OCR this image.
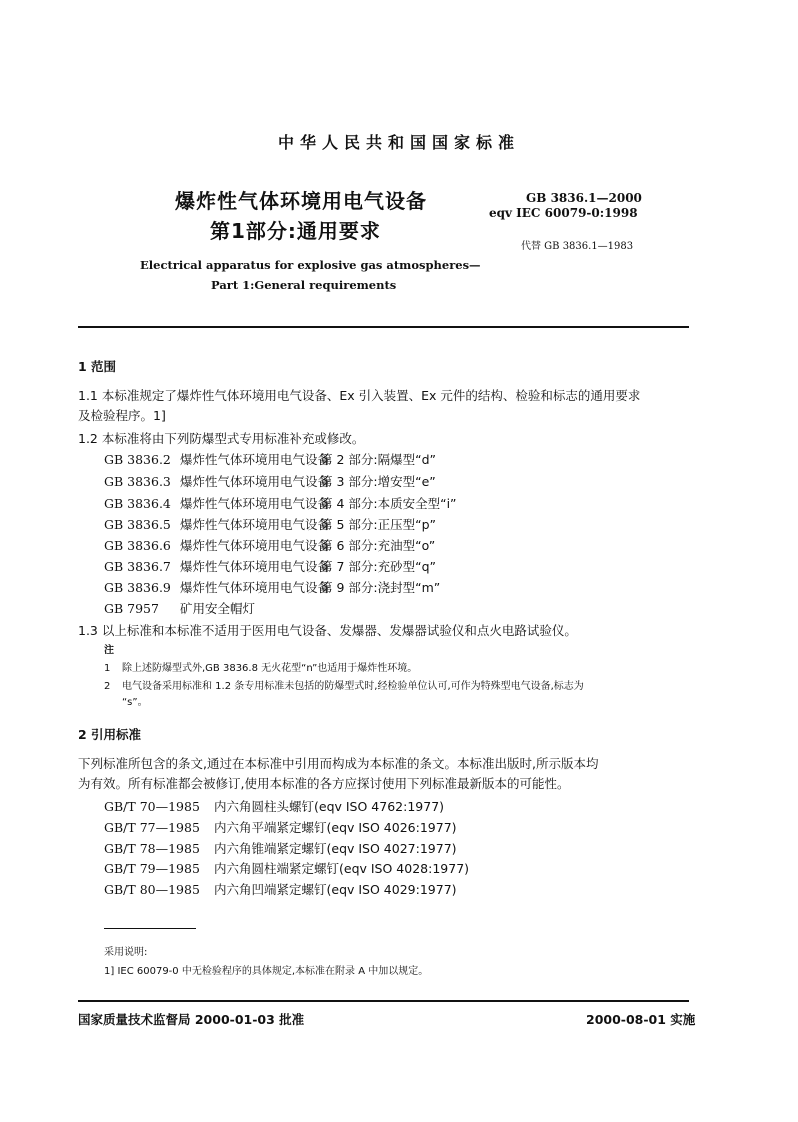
中华人民共和国国家标准
爆炸性气体环境用电气设备
第1部分:通用要求
GB 3836.1—2000
eqv IEC 60079-0:1998
代替 GB 3836.1—1983
Electrical apparatus for explosive gas atmospheres—
Part 1:General requirements
1 范围
1.1 本标准规定了爆炸性气体环境用电气设备、Ex 引入装置、Ex 元件的结构、检验和标志的通用要求
及检验程序。1]
1.2 本标准将由下列防爆型式专用标准补充或修改。
GB 3836.2 爆炸性气体环境用电气设备第 2 部分:隔爆型“d”
GB 3836.3 爆炸性气体环境用电气设备第 3 部分:增安型“e”
GB 3836.4 爆炸性气体环境用电气设备第 4 部分:本质安全型“i”
GB 3836.5 爆炸性气体环境用电气设备第 5 部分:正压型“p”
GB 3836.6 爆炸性气体环境用电气设备第 6 部分:充油型“o”
GB 3836.7 爆炸性气体环境用电气设备第 7 部分:充砂型“q”
GB 3836.9 爆炸性气体环境用电气设备第 9 部分:浇封型“m”
GB 7957 矿用安全帽灯
1.3 以上标准和本标准不适用于医用电气设备、发爆器、发爆器试验仪和点火电路试验仪。
注
1 除上述防爆型式外,GB 3836.8 无火花型“n”也适用于爆炸性环境。
2 电气设备采用标准和 1.2 条专用标准未包括的防爆型式时,经检验单位认可,可作为特殊型电气设备,标志为
“s”。
2 引用标准
下列标准所包含的条文,通过在本标准中引用而构成为本标准的条文。本标准出版时,所示版本均
为有效。所有标准都会被修订,使用本标准的各方应探讨使用下列标准最新版本的可能性。
GB/T 70—1985 内六角圆柱头螺钉(eqv ISO 4762:1977)
GB/T 77—1985 内六角平端紧定螺钉(eqv ISO 4026:1977)
GB/T 78—1985 内六角锥端紧定螺钉(eqv ISO 4027:1977)
GB/T 79—1985 内六角圆柱端紧定螺钉(eqv ISO 4028:1977)
GB/T 80—1985 内六角凹端紧定螺钉(eqv ISO 4029:1977)
采用说明:
1] IEC 60079-0 中无检验程序的具体规定,本标准在附录 A 中加以规定。
国家质量技术监督局 2000-01-03 批准	2000-08-01 实施
